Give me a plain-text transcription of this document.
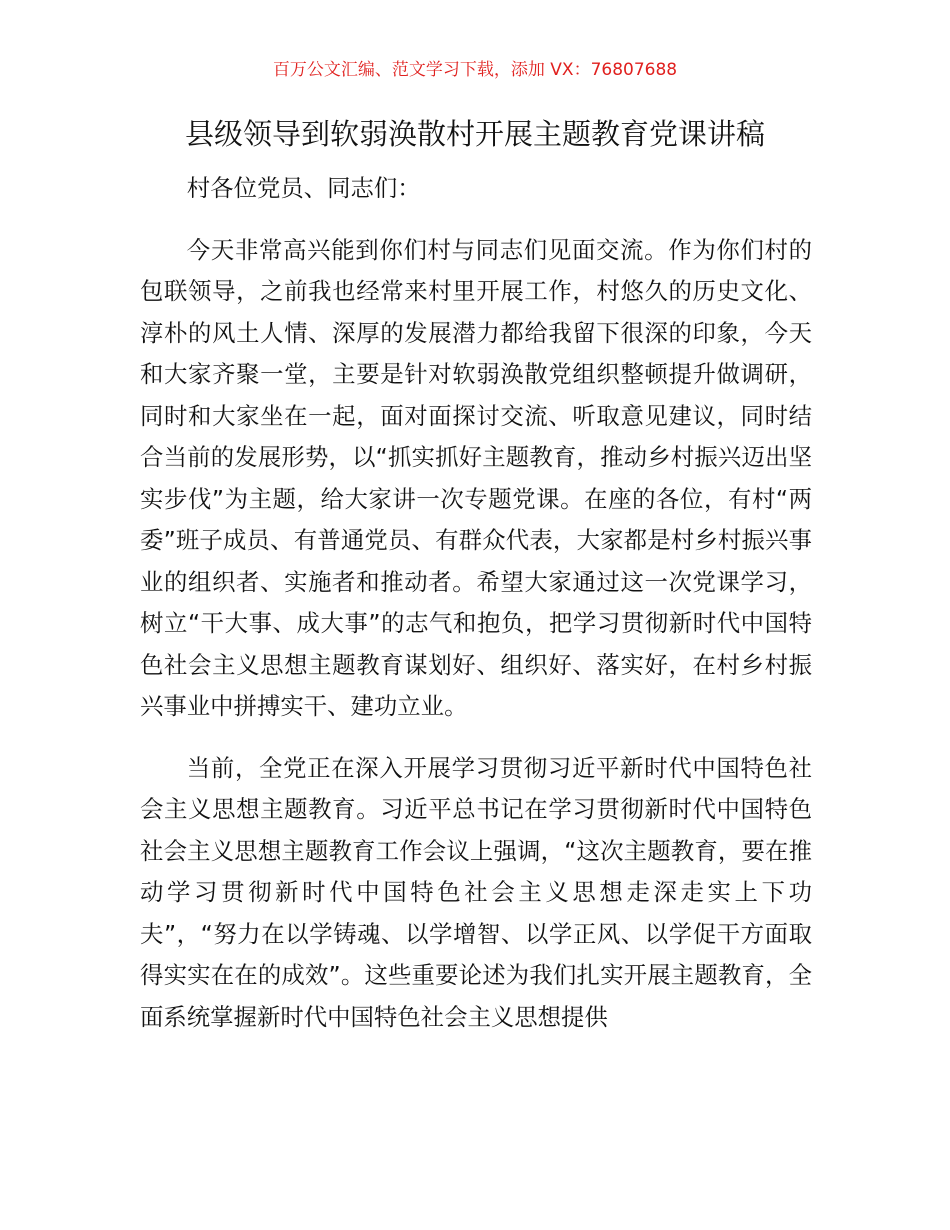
百万公文汇编、范文学习下载，添加 VX：76807688
县级领导到软弱涣散村开展主题教育党课讲稿

村各位党员、同志们：

今天非常高兴能到你们村与同志们见面交流。作为你们村的包联领导，之前我也经常来村里开展工作，村悠久的历史文化、淳朴的风土人情、深厚的发展潜力都给我留下很深的印象，今天和大家齐聚一堂，主要是针对软弱涣散党组织整顿提升做调研，同时和大家坐在一起，面对面探讨交流、听取意见建议，同时结合当前的发展形势，以“抓实抓好主题教育，推动乡村振兴迈出坚实步伐”为主题，给大家讲一次专题党课。在座的各位，有村“两委”班子成员、有普通党员、有群众代表，大家都是村乡村振兴事业的组织者、实施者和推动者。希望大家通过这一次党课学习，树立“干大事、成大事”的志气和抱负，把学习贯彻新时代中国特色社会主义思想主题教育谋划好、组织好、落实好，在村乡村振兴事业中拼搏实干、建功立业。

当前，全党正在深入开展学习贯彻习近平新时代中国特色社会主义思想主题教育。习近平总书记在学习贯彻新时代中国特色社会主义思想主题教育工作会议上强调，“这次主题教育，要在推动学习贯彻新时代中国特色社会主义思想走深走实上下功夫”，“努力在以学铸魂、以学增智、以学正风、以学促干方面取得实实在在的成效”。这些重要论述为我们扎实开展主题教育，全面系统掌握新时代中国特色社会主义思想提供
